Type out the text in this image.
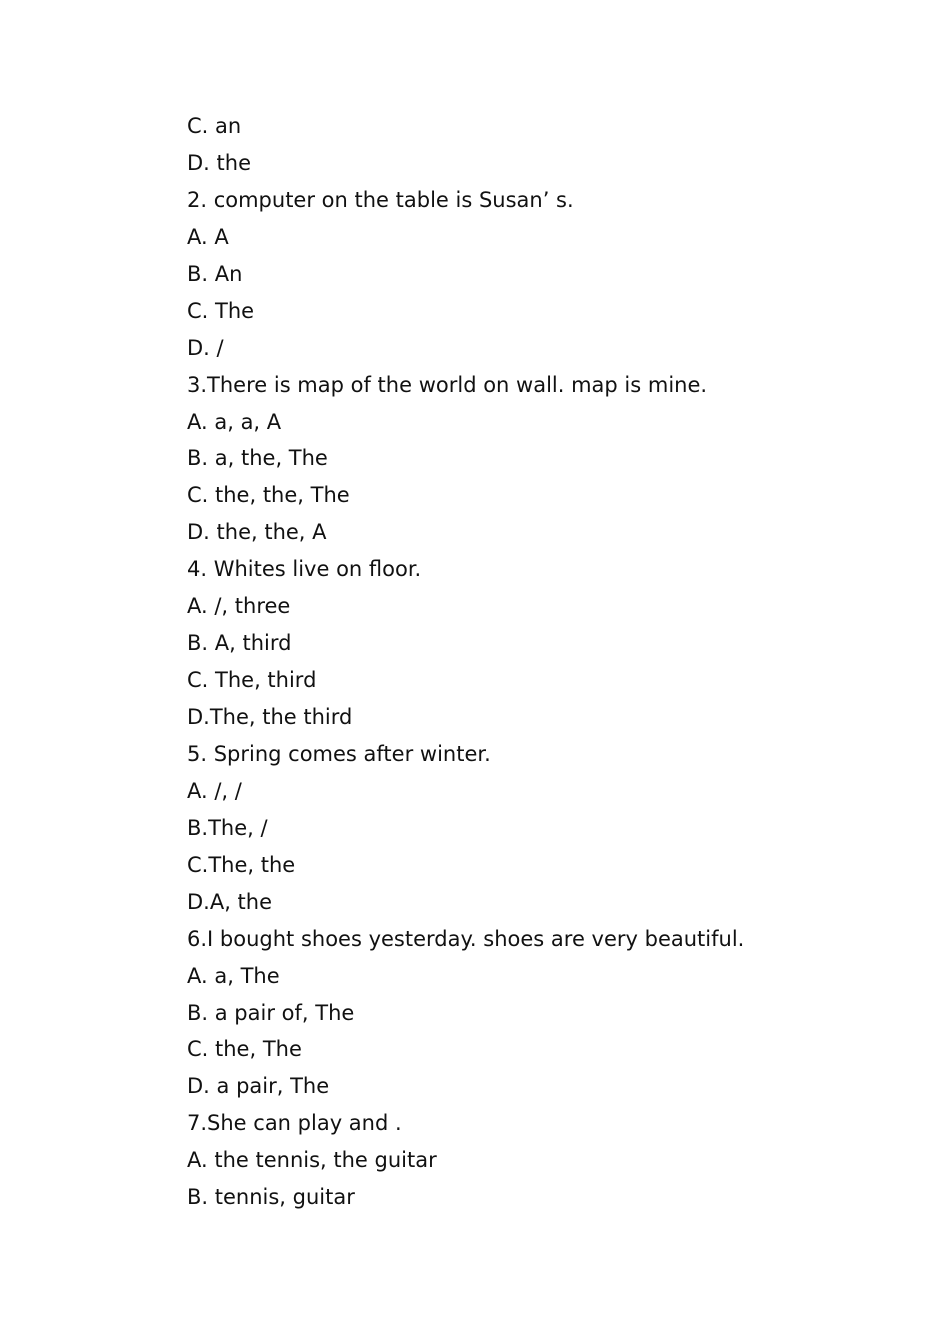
C. an
D. the
2. computer on the table is Susan’ s.
A. A
B. An
C. The
D. /
3.There is map of the world on wall. map is mine.
A. a, a, A
B. a, the, The
C. the, the, The
D. the, the, A
4. Whites live on floor.
A. /, three
B. A, third
C. The, third
D.The, the third
5. Spring comes after winter.
A. /, /
B.The, /
C.The, the
D.A, the
6.I bought shoes yesterday. shoes are very beautiful.
A. a, The
B. a pair of, The
C. the, The
D. a pair, The
7.She can play and .
A. the tennis, the guitar
B. tennis, guitar
